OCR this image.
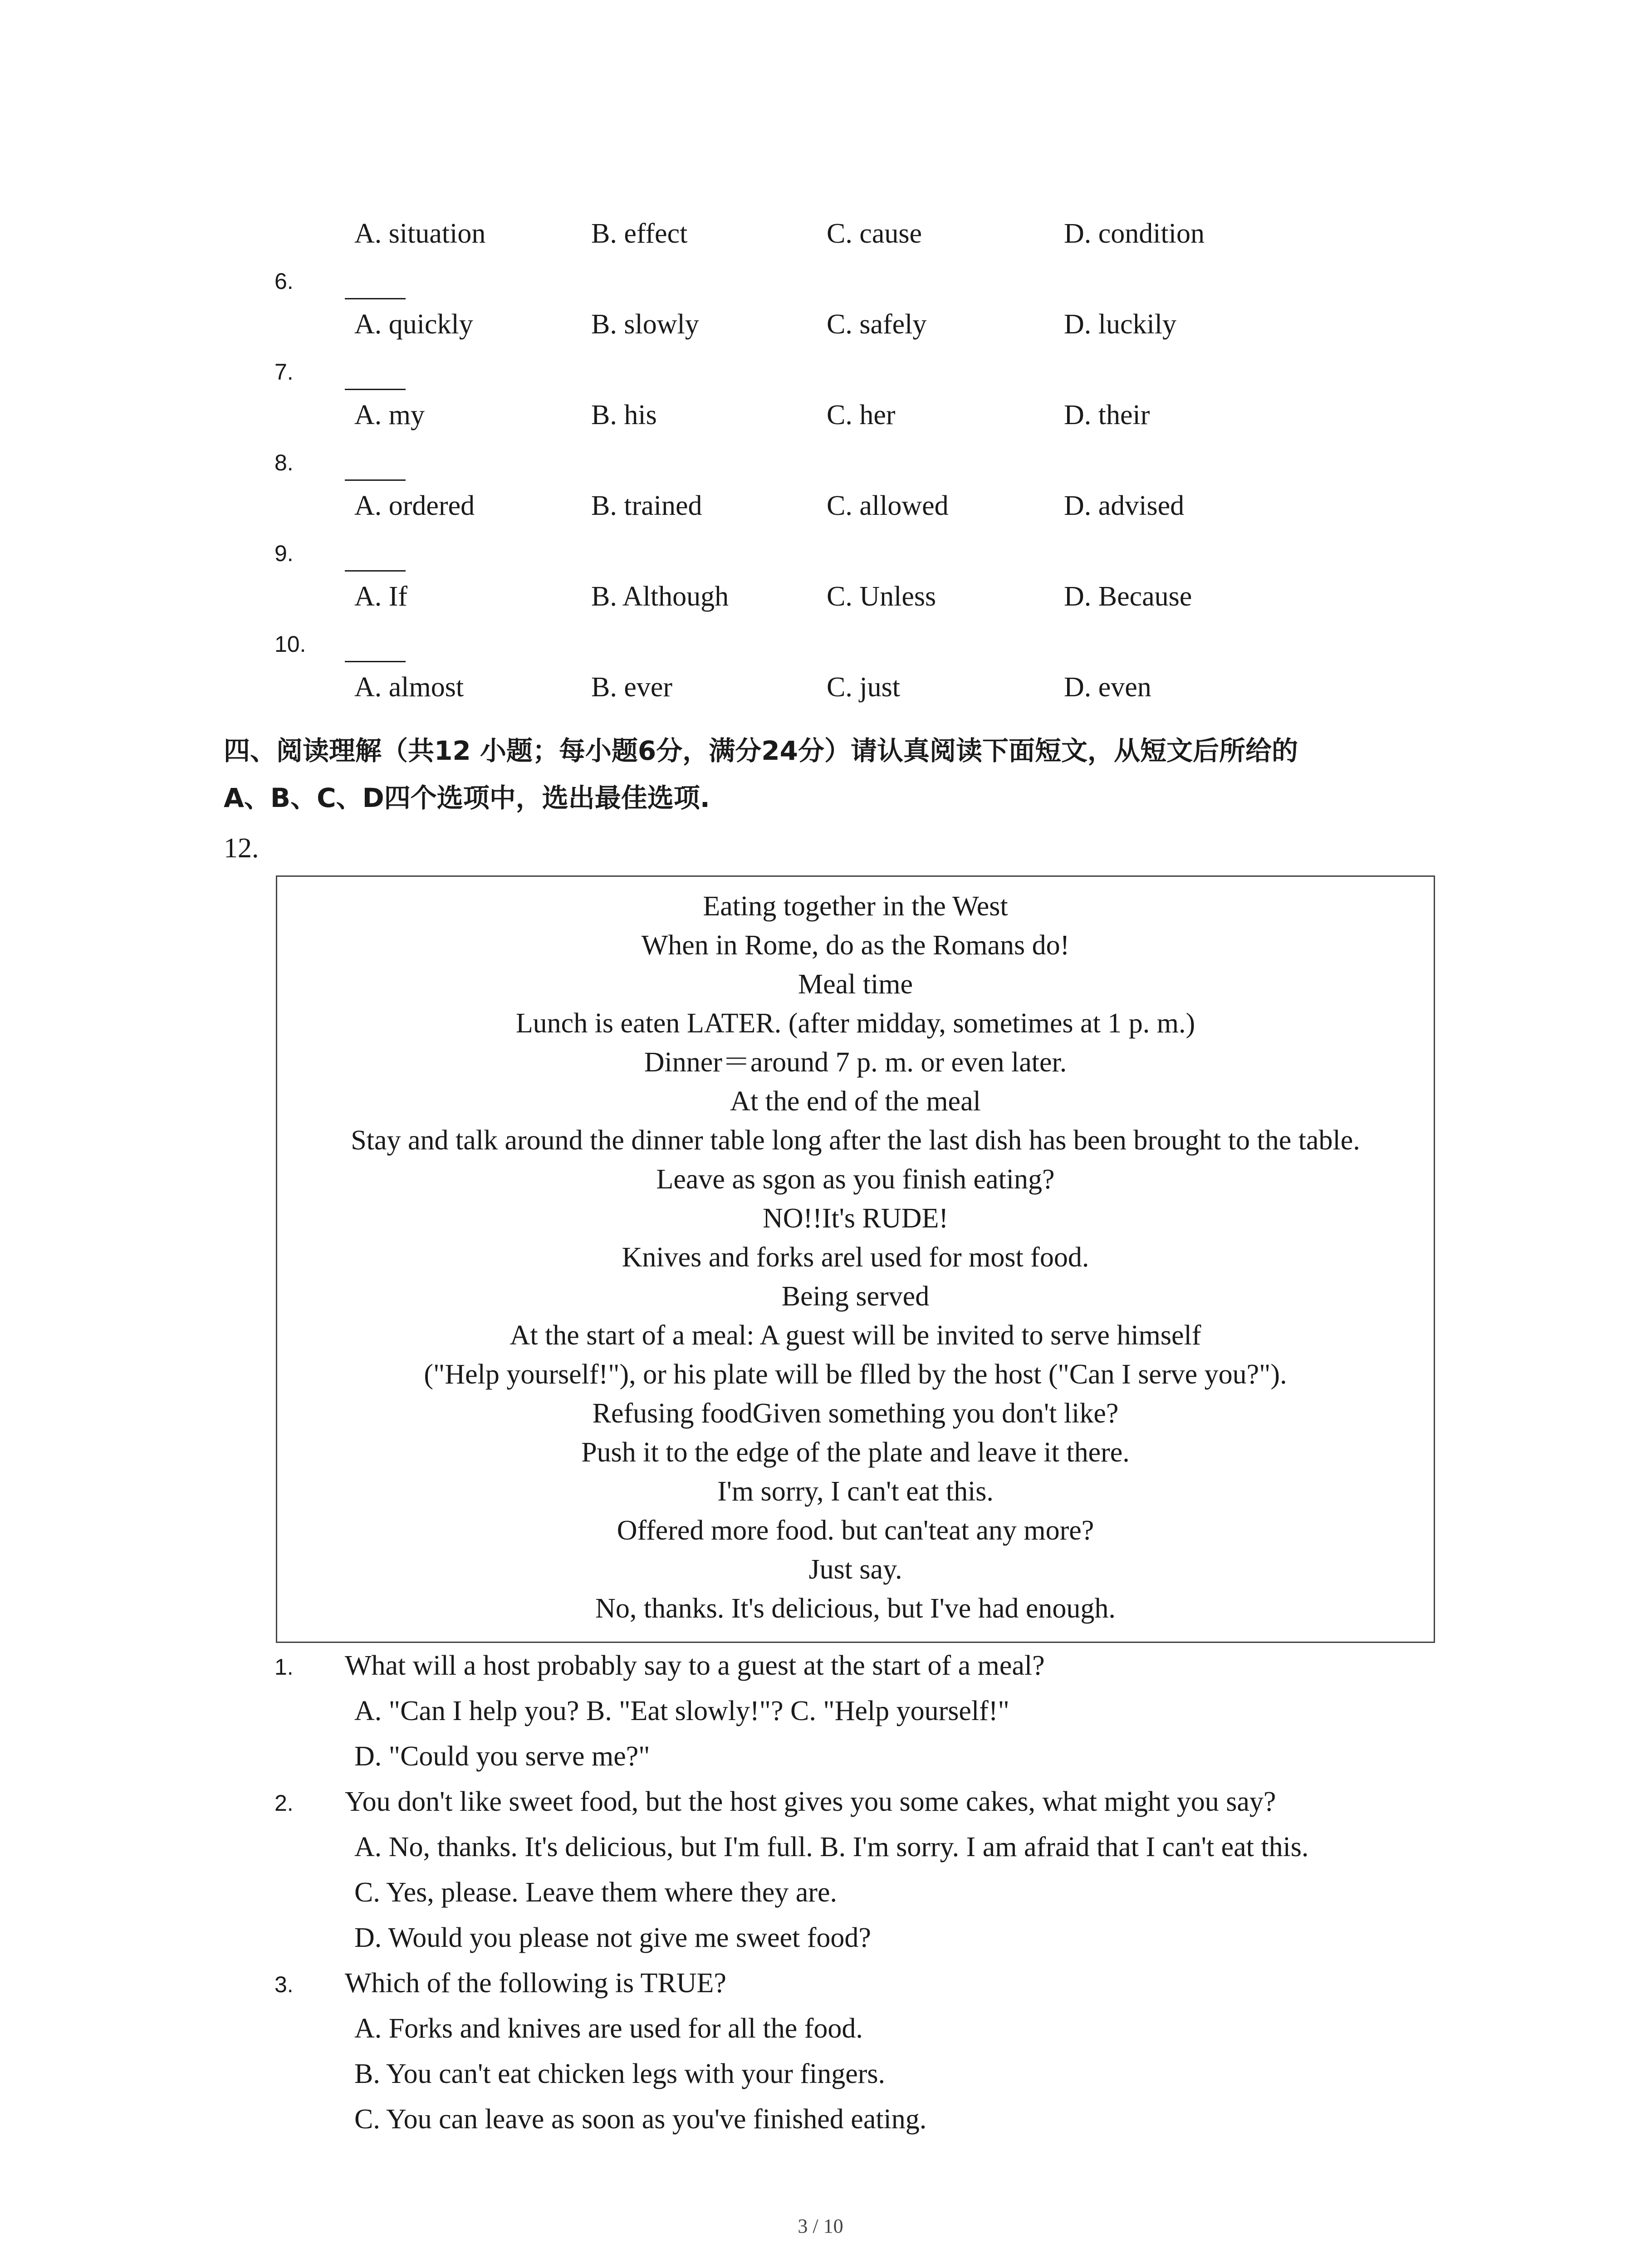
A. situation	B. effect	C. cause	D. condition
6.
A. quickly	B. slowly	C. safely	D. luckily
7.
A. my	B. his	C. her	D. their
8.
A. ordered	B. trained	C. allowed	D. advised
9.
A. If	B. Although	C. Unless	D. Because
10.
A. almost	B. ever	C. just	D. even
四、阅读理解（共12 小题；每小题6分，满分24分）请认真阅读下面短文，从短文后所给的
A、B、C、D四个选项中，选出最佳选项.
12.
Eating together in the West
When in Rome, do as the Romans do!
Meal time
Lunch is eaten LATER. (after midday, sometimes at 1 p. m.)
Dinner＝around 7 p. m. or even later.
At the end of the meal
Stay and talk around the dinner table long after the last dish has been brought to the table.
Leave as sgon as you finish eating?
NO!!It's RUDE!
Knives and forks arel used for most food.
Being served
At the start of a meal: A guest will be invited to serve himself
("Help yourself!"), or his plate will be flled by the host ("Can I serve you?").
Refusing foodGiven something you don't like?
Push it to the edge of the plate and leave it there.
I'm sorry, I can't eat this.
Offered more food. but can'teat any more?
Just say.
No, thanks. It's delicious, but I've had enough.
1. What will a host probably say to a guest at the start of a meal?
A. "Can I help you? B. "Eat slowly!"? C. "Help yourself!"
D. "Could you serve me?"
2. You don't like sweet food, but the host gives you some cakes, what might you say?
A. No, thanks. It's delicious, but I'm full. B. I'm sorry. I am afraid that I can't eat this.
C. Yes, please. Leave them where they are.
D. Would you please not give me sweet food?
3. Which of the following is TRUE?
A. Forks and knives are used for all the food.
B. You can't eat chicken legs with your fingers.
C. You can leave as soon as you've finished eating.
3 / 10
